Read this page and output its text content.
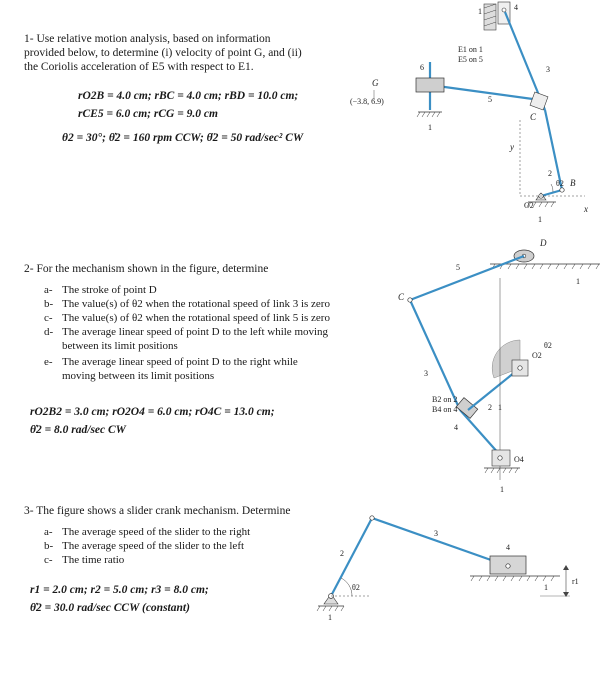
1- Use relative motion analysis, based on information
provided below, to determine (i) velocity of point G, and (ii)
the Coriolis acceleration of E5 with respect to E1.
rO2B = 4.0 cm; rBC = 4.0 cm; rBD = 10.0 cm;
rCE5 = 6.0 cm; rCG = 9.0 cm
θ2 = 30°; θ̇2 = 160 rpm CCW; θ̈2 = 50 rad/sec² CW
G
(−3.8, 6.9)
E1 on 1
E5 on 5
C
B
O2
θ2
x
y
1
2
3
4
5
6
1
1
2- For the mechanism shown in the figure, determine
a- The stroke of point D
b- The value(s) of θ2 when the rotational speed of link 3 is zero
c- The value(s) of θ2 when the rotational speed of link 5 is zero
d- The average linear speed of point D to the left while moving
between its limit positions
e- The average linear speed of point D to the right while
moving between its limit positions
rO2B2 = 3.0 cm; rO2O4 = 6.0 cm; rO4C = 13.0 cm;
θ̇2 = 8.0 rad/sec CW
D
C
B2 on 2
B4 on 4
O2
O4
θ2
1
2 1
3
4
5
1
3- The figure shows a slider crank mechanism. Determine
a- The average speed of the slider to the right
b- The average speed of the slider to the left
c- The time ratio
r1 = 2.0 cm; r2 = 5.0 cm; r3 = 8.0 cm;
θ̇2 = 30.0 rad/sec CCW (constant)
θ2
r1
1
2
3
4
1
